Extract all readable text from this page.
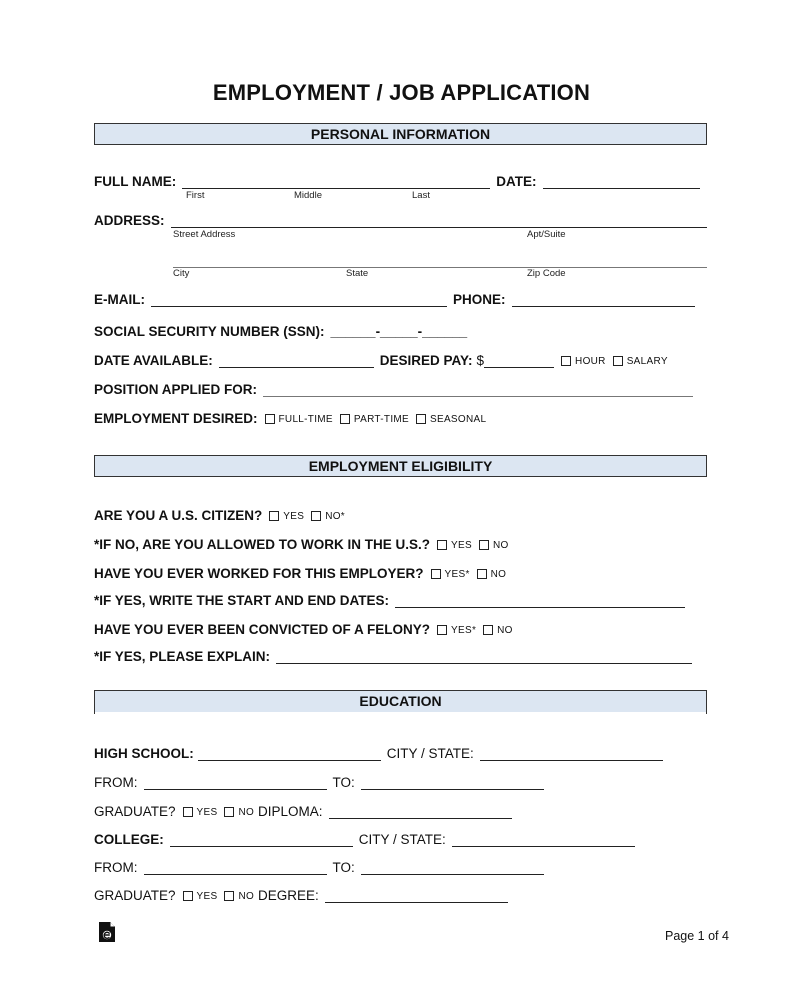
EMPLOYMENT / JOB APPLICATION
PERSONAL INFORMATION
FULL NAME:	DATE:
First	Middle	Last
ADDRESS:
Street Address	Apt/Suite
City	State	Zip Code
E-MAIL:	PHONE:
SOCIAL SECURITY NUMBER (SSN): ______-_____-______
DATE AVAILABLE:	DESIRED PAY: $	HOUR SALARY
POSITION APPLIED FOR:
EMPLOYMENT DESIRED: FULL-TIME PART-TIME SEASONAL
EMPLOYMENT ELIGIBILITY
ARE YOU A U.S. CITIZEN? YES NO*
*IF NO, ARE YOU ALLOWED TO WORK IN THE U.S.? YES NO
HAVE YOU EVER WORKED FOR THIS EMPLOYER? YES* NO
*IF YES, WRITE THE START AND END DATES:
HAVE YOU EVER BEEN CONVICTED OF A FELONY? YES* NO
*IF YES, PLEASE EXPLAIN:
EDUCATION
HIGH SCHOOL:	CITY / STATE:
FROM:	TO:
GRADUATE? YES NO DIPLOMA:
COLLEGE:	CITY / STATE:
FROM:	TO:
GRADUATE? YES NO DEGREE:
Page 1 of 4
